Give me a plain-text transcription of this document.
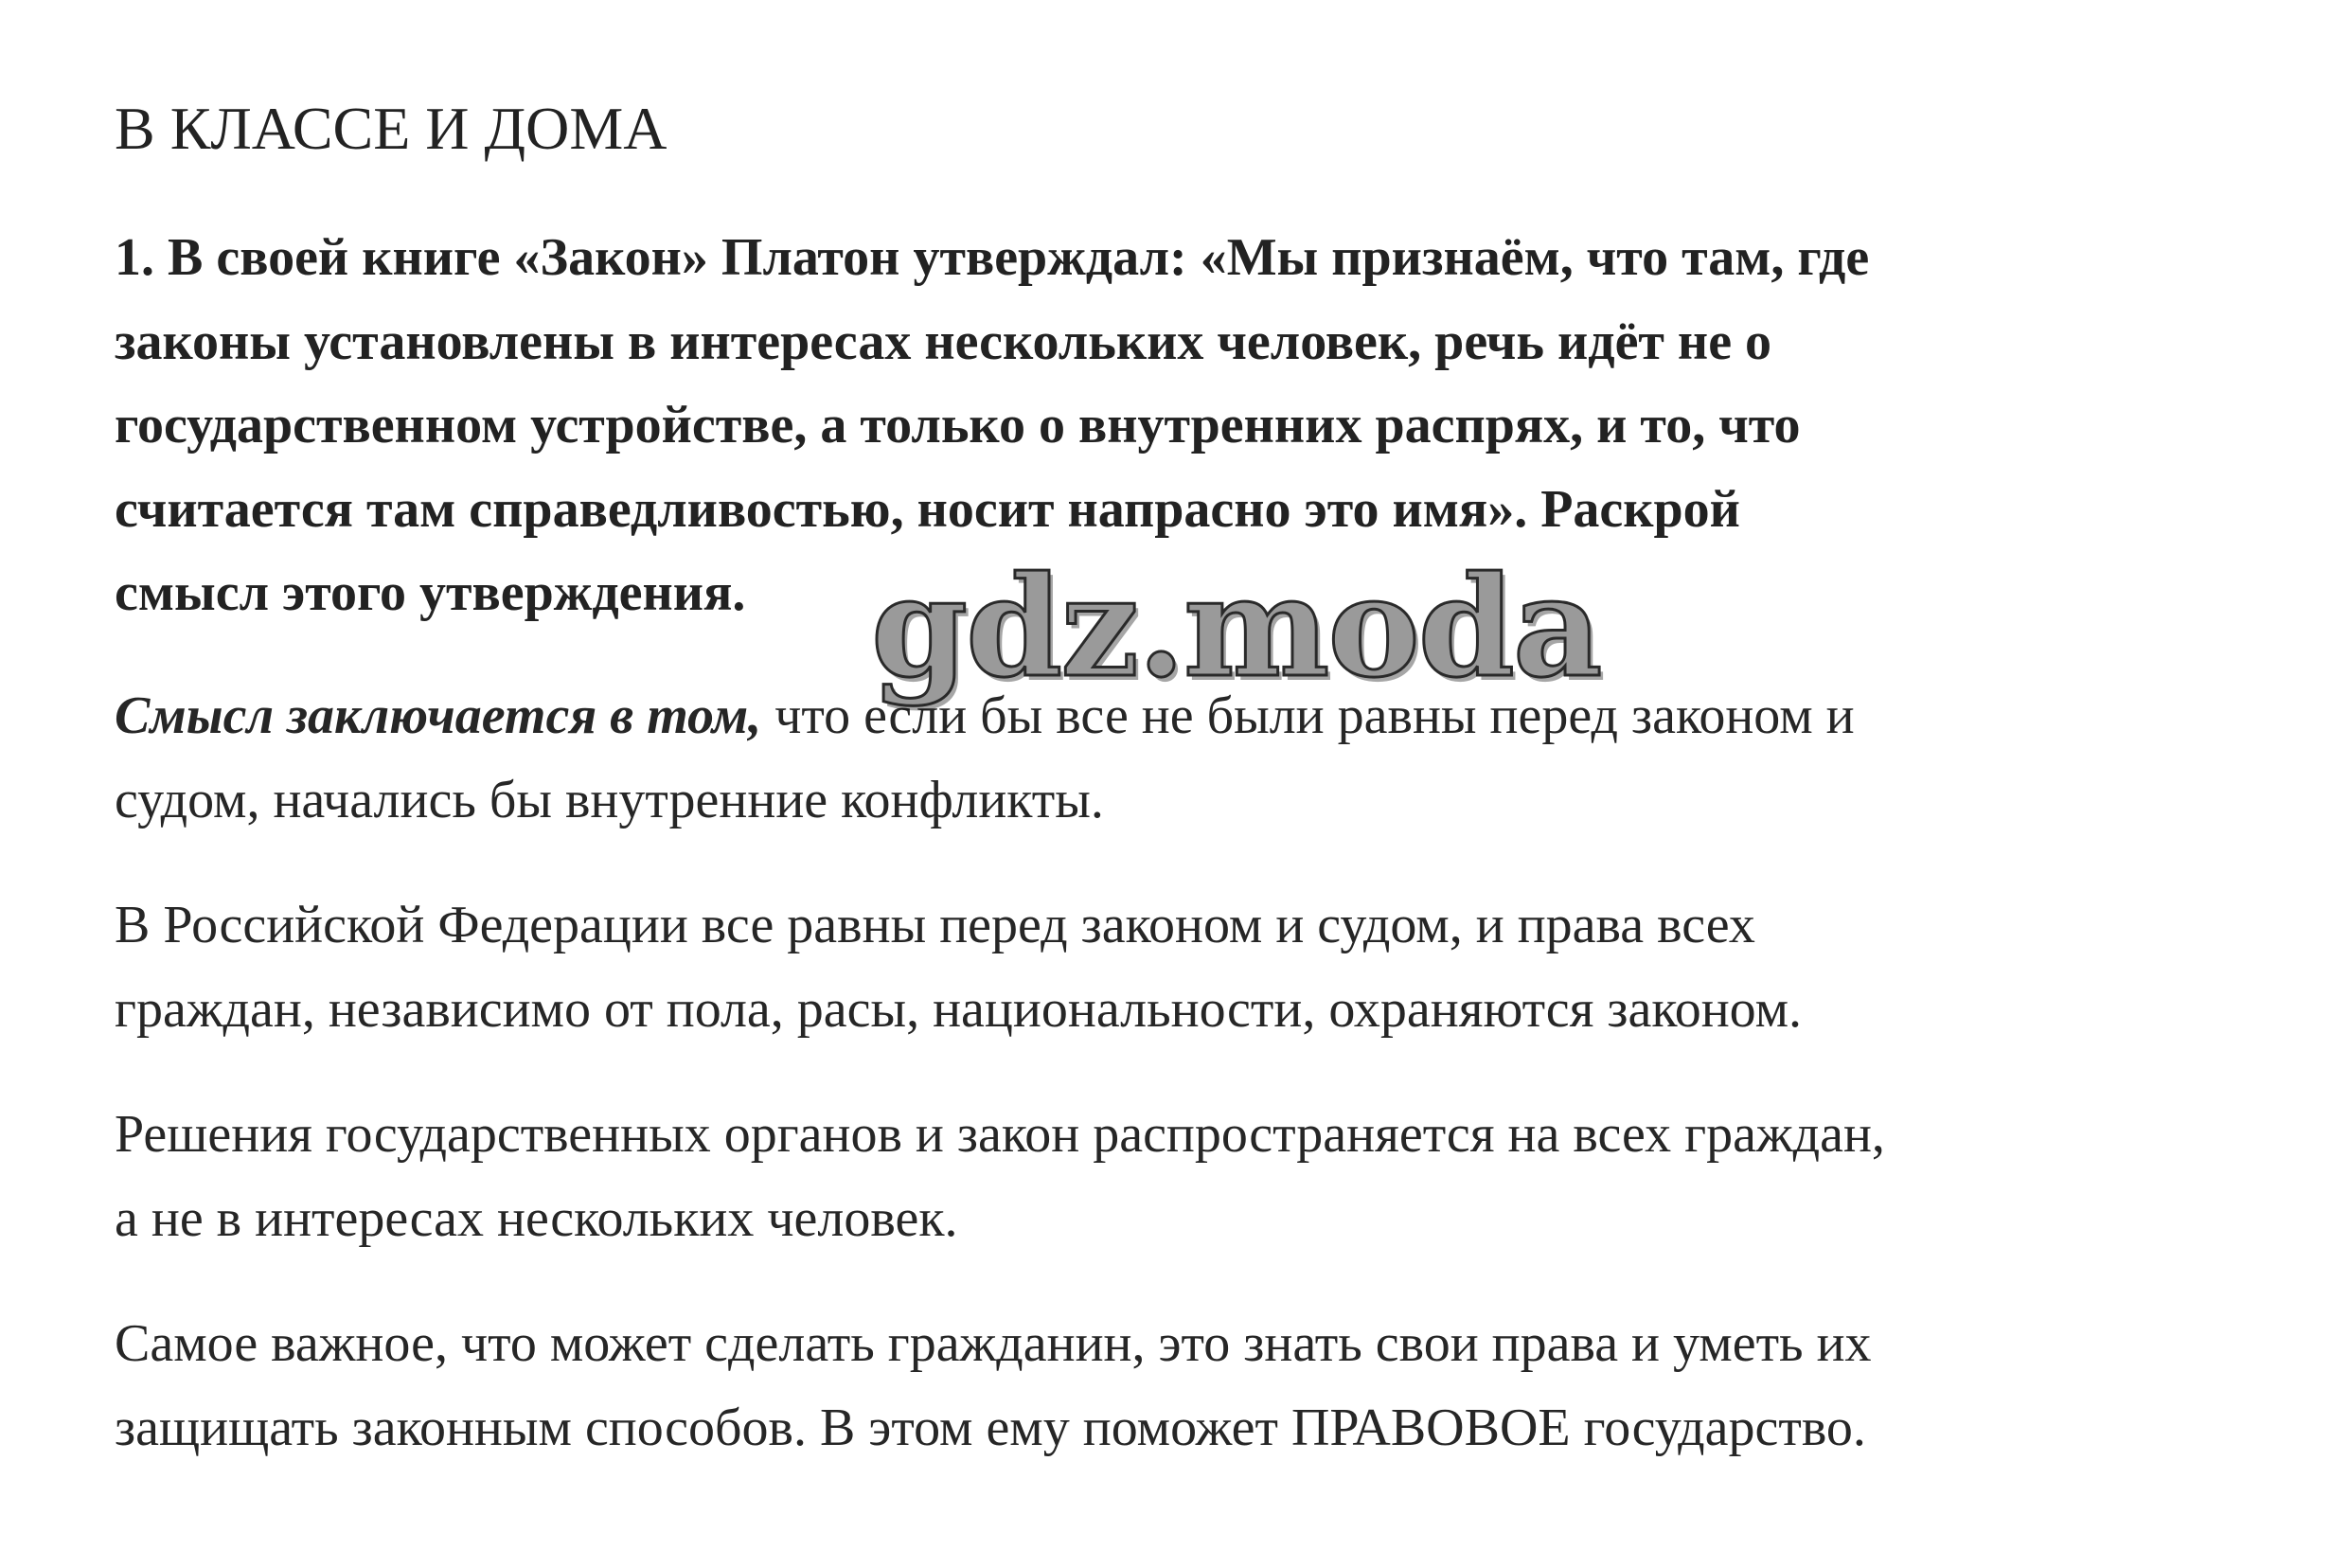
В КЛАССЕ И ДОМА

1. В своей книге «Закон» Платон утверждал: «Мы признаём, что там, где
законы установлены в интересах нескольких человек, речь идёт не о
государственном устройстве, а только о внутренних распрях, и то, что
считается там справедливостью, носит напрасно это имя». Раскрой
смысл этого утверждения.

Смысл заключается в том, что если бы все не были равны перед законом и
судом, начались бы внутренние конфликты.

В Российской Федерации все равны перед законом и судом, и права всех
граждан, независимо от пола, расы, национальности, охраняются законом.

Решения государственных органов и закон распространяется на всех граждан,
а не в интересах нескольких человек.

Самое важное, что может сделать гражданин, это знать свои права и уметь их
защищать законным способов. В этом ему поможет ПРАВОВОЕ государство.

gdz.moda
